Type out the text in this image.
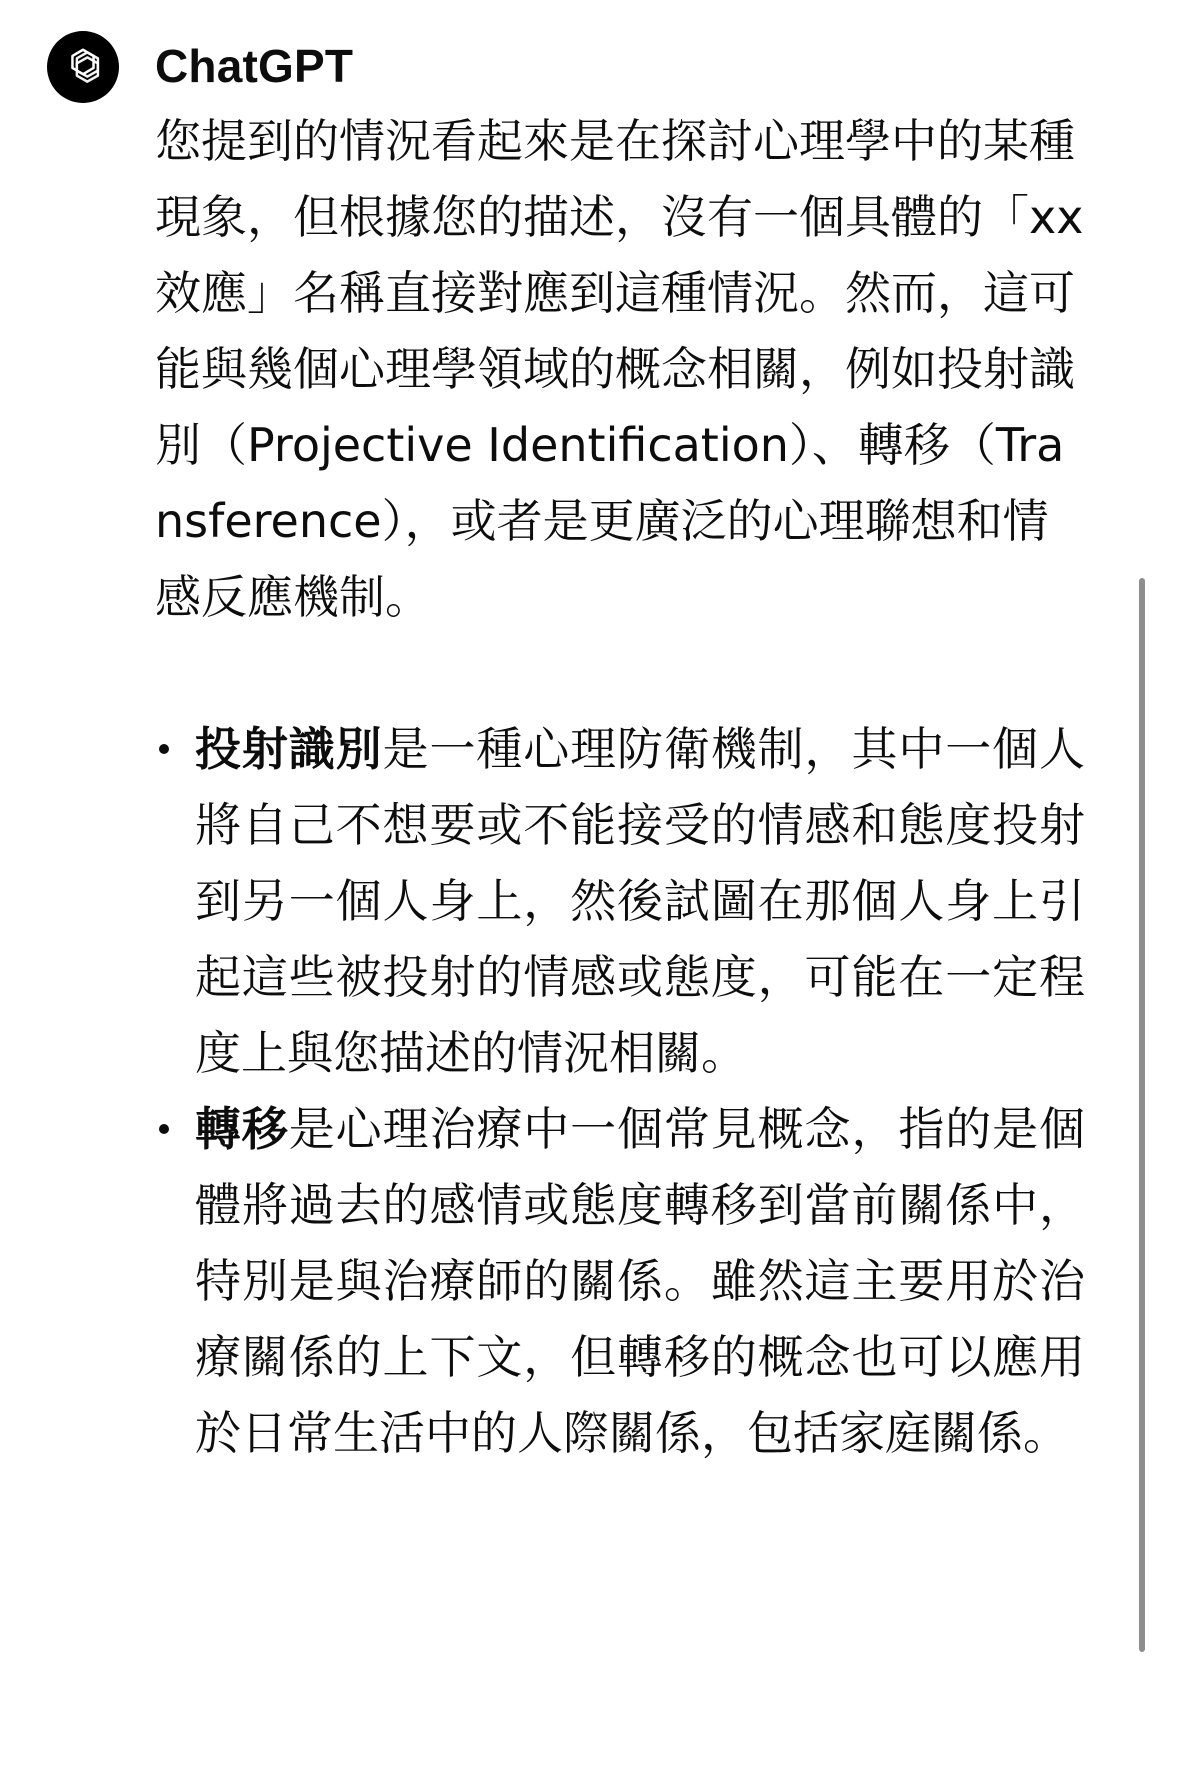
ChatGPT

您提到的情況看起來是在探討心理學中的某種現象，但根據您的描述，沒有一個具體的「xx效應」名稱直接對應到這種情況。然而，這可能與幾個心理學領域的概念相關，例如投射識別（Projective Identification）、轉移（Transference），或者是更廣泛的心理聯想和情感反應機制。

投射識別是一種心理防衛機制，其中一個人將自己不想要或不能接受的情感和態度投射到另一個人身上，然後試圖在那個人身上引起這些被投射的情感或態度，可能在一定程度上與您描述的情況相關。
轉移是心理治療中一個常見概念，指的是個體將過去的感情或態度轉移到當前關係中，特別是與治療師的關係。雖然這主要用於治療關係的上下文，但轉移的概念也可以應用於日常生活中的人際關係，包括家庭關係。
